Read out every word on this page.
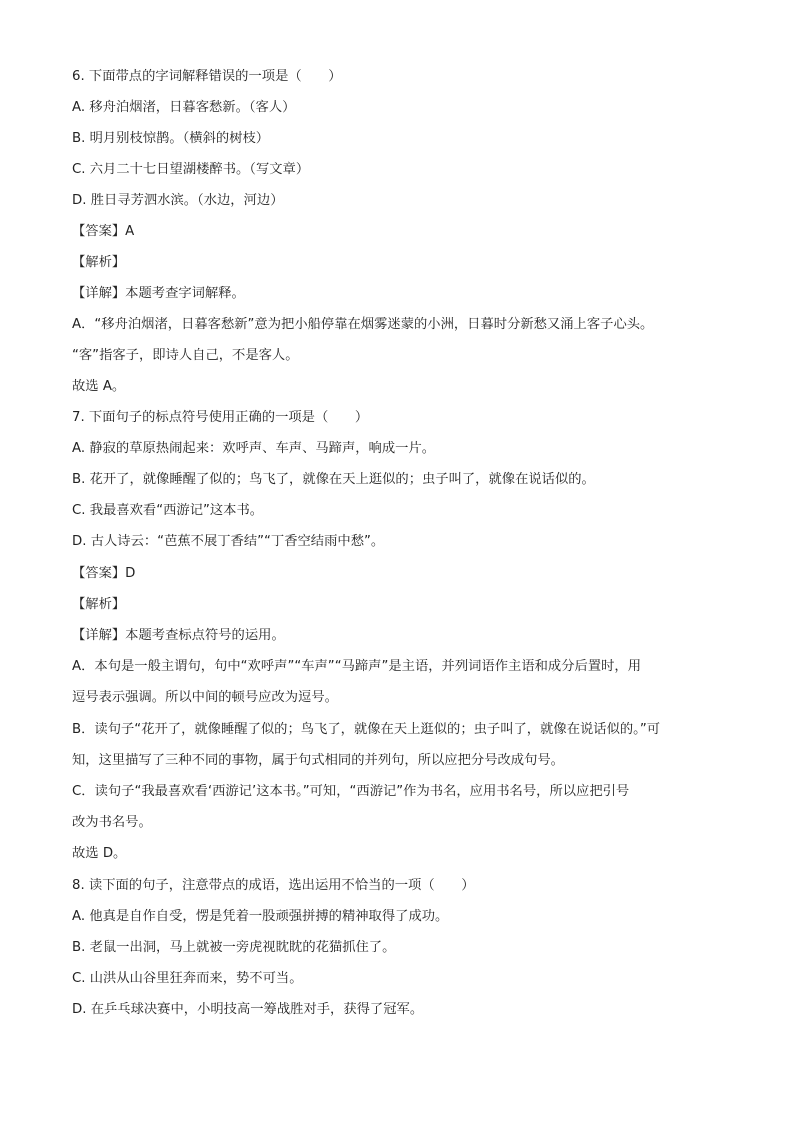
6. 下面带点的字词解释错误的一项是（　　）
A. 移舟泊烟渚，日暮客愁新。（客人）
B. 明月别枝惊鹊。（横斜的树枝）
C. 六月二十七日望湖楼醉书。（写文章）
D. 胜日寻芳泗水滨。（水边，河边）
【答案】A
【解析】
【详解】本题考查字词解释。
A．“移舟泊烟渚，日暮客愁新”意为把小船停靠在烟雾迷蒙的小洲，日暮时分新愁又涌上客子心头。
“客”指客子，即诗人自己，不是客人。
故选 A。
7. 下面句子的标点符号使用正确的一项是（　　）
A. 静寂的草原热闹起来：欢呼声、车声、马蹄声，响成一片。
B. 花开了，就像睡醒了似的；鸟飞了，就像在天上逛似的；虫子叫了，就像在说话似的。
C. 我最喜欢看“西游记”这本书。
D. 古人诗云：“芭蕉不展丁香结”“丁香空结雨中愁”。
【答案】D
【解析】
【详解】本题考查标点符号的运用。
A．本句是一般主谓句，句中“欢呼声”“车声”“马蹄声”是主语，并列词语作主语和成分后置时，用
逗号表示强调。所以中间的顿号应改为逗号。
B．读句子“花开了，就像睡醒了似的；鸟飞了，就像在天上逛似的；虫子叫了，就像在说话似的。”可
知，这里描写了三种不同的事物，属于句式相同的并列句，所以应把分号改成句号。
C．读句子“我最喜欢看‘西游记’这本书。”可知，“西游记”作为书名，应用书名号，所以应把引号
改为书名号。
故选 D。
8. 读下面的句子，注意带点的成语，选出运用不恰当的一项（　　）
A. 他真是自作自受，愣是凭着一股顽强拼搏的精神取得了成功。
B. 老鼠一出洞，马上就被一旁虎视眈眈的花猫抓住了。
C. 山洪从山谷里狂奔而来，势不可当。
D. 在乒乓球决赛中，小明技高一筹战胜对手，获得了冠军。
